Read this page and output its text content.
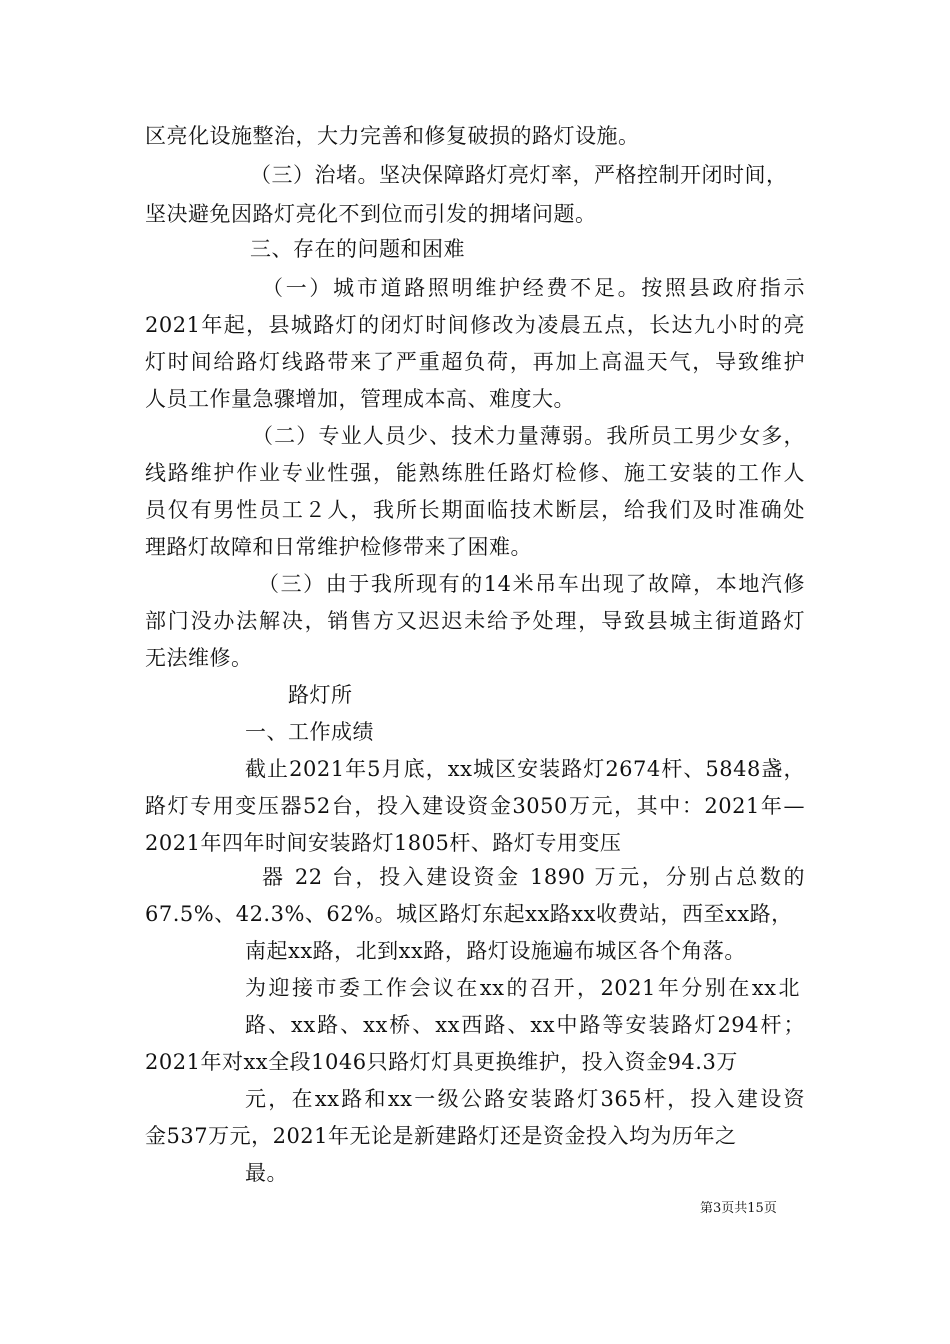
区亮化设施整治，大力完善和修复破损的路灯设施。
（三）治堵。坚决保障路灯亮灯率，严格控制开闭时间，
坚决避免因路灯亮化不到位而引发的拥堵问题。
三、存在的问题和困难
（一）城市道路照明维护经费不足。按照县政府指示
2021年起，县城路灯的闭灯时间修改为凌晨五点，长达九小时的亮
灯时间给路灯线路带来了严重超负荷，再加上高温天气，导致维护
人员工作量急骤增加，管理成本高、难度大。
（二）专业人员少、技术力量薄弱。我所员工男少女多，
线路维护作业专业性强，能熟练胜任路灯检修、施工安装的工作人
员仅有男性员工２人，我所长期面临技术断层，给我们及时准确处
理路灯故障和日常维护检修带来了困难。
（三）由于我所现有的14米吊车出现了故障，本地汽修
部门没办法解决，销售方又迟迟未给予处理，导致县城主街道路灯
无法维修。
路灯所
一、工作成绩
截止2021年5月底，xx城区安装路灯2674杆、5848盏，
路灯专用变压器52台，投入建设资金3050万元，其中：2021年—
2021年四年时间安装路灯1805杆、路灯专用变压
器 22 台，投入建设资金 1890 万元，分别占总数的
67.5%、42.3%、62%。城区路灯东起xx路xx收费站，西至xx路，
南起xx路，北到xx路，路灯设施遍布城区各个角落。
为迎接市委工作会议在xx的召开，2021年分别在xx北
路、xx路、xx桥、xx西路、xx中路等安装路灯294杆；
2021年对xx全段1046只路灯灯具更换维护，投入资金94.3万
元，在xx路和xx一级公路安装路灯365杆，投入建设资
金537万元，2021年无论是新建路灯还是资金投入均为历年之
最。
第3页共15页
